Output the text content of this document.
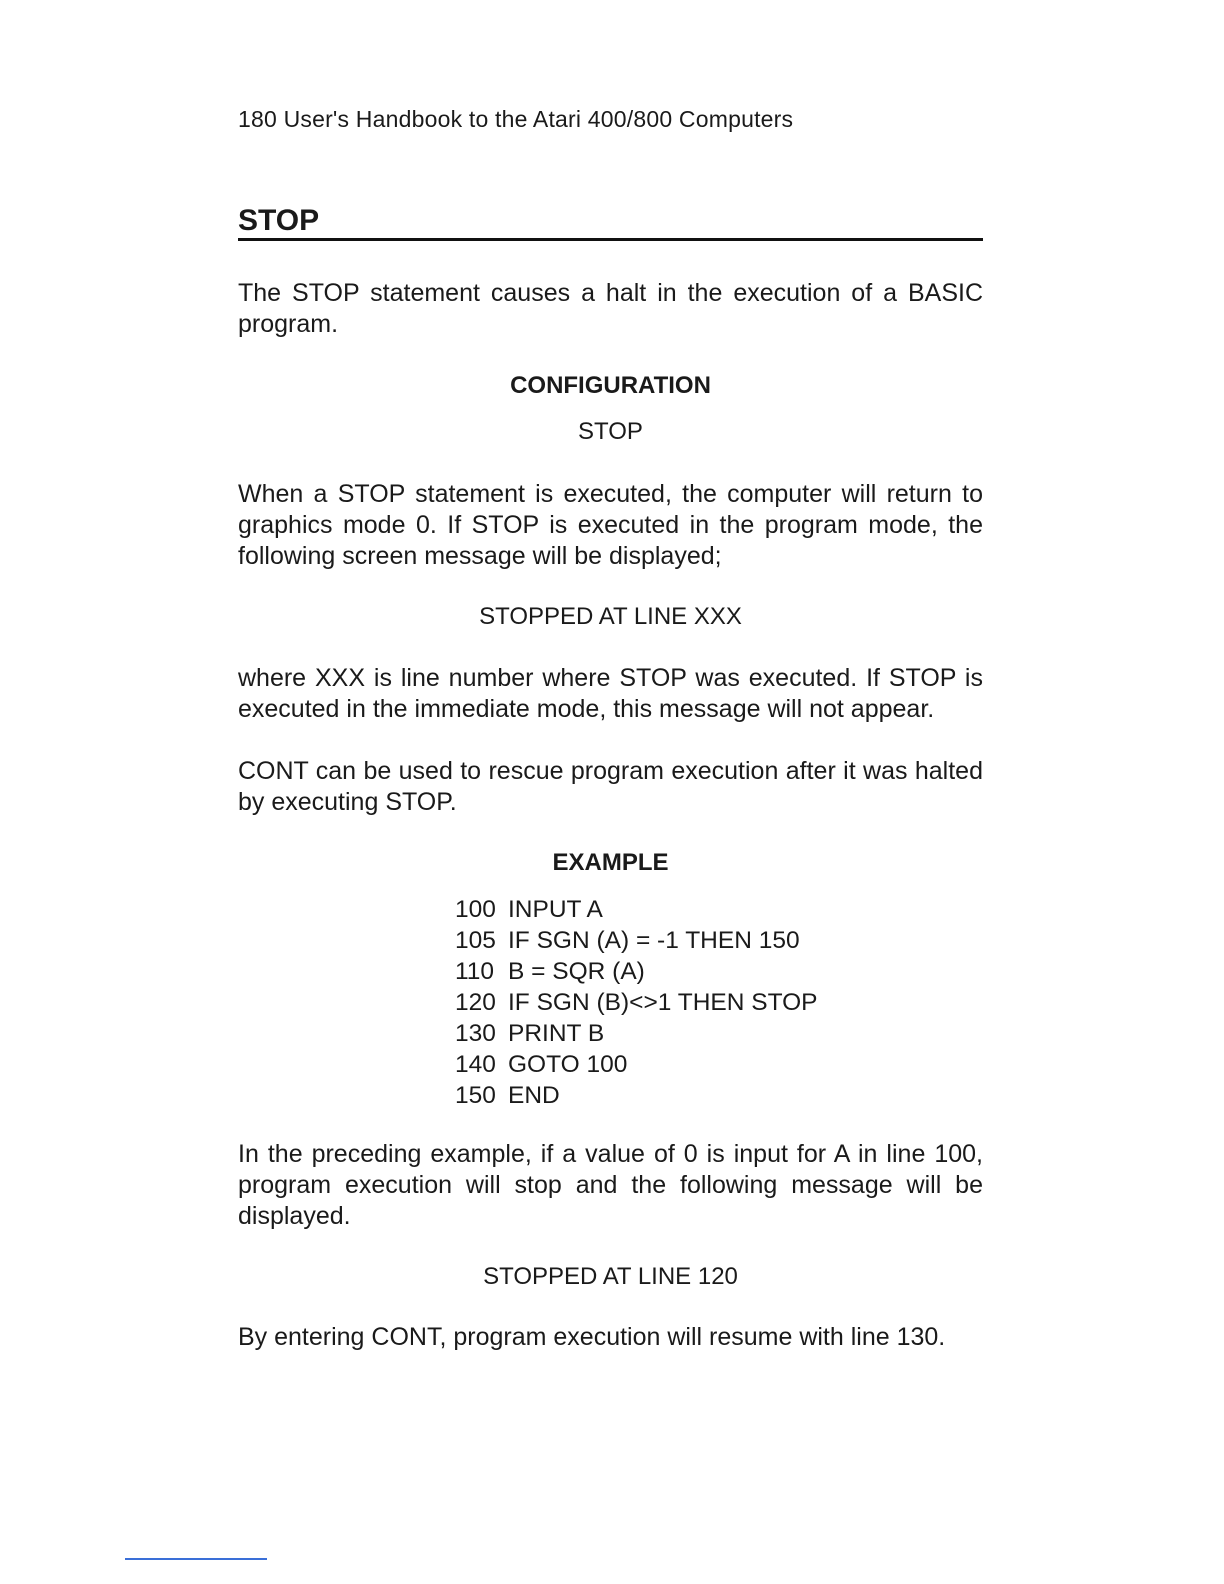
180 User's Handbook to the Atari 400/800 Computers
STOP

The STOP statement causes a halt in the execution of a BASIC program.

CONFIGURATION
STOP

When a STOP statement is executed, the computer will return to graphics mode 0. If STOP is executed in the program mode, the following screen message will be displayed;

STOPPED AT LINE XXX

where XXX is line number where STOP was executed. If STOP is executed in the immediate mode, this message will not appear.

CONT can be used to rescue program execution after it was halted by executing STOP.

EXAMPLE
100 INPUT A
105 IF SGN (A) = -1 THEN 150
110 B = SQR (A)
120 IF SGN (B)<>1 THEN STOP
130 PRINT B
140 GOTO 100
150 END

In the preceding example, if a value of 0 is input for A in line 100, program execution will stop and the following message will be displayed.

STOPPED AT LINE 120

By entering CONT, program execution will resume with line 130.
